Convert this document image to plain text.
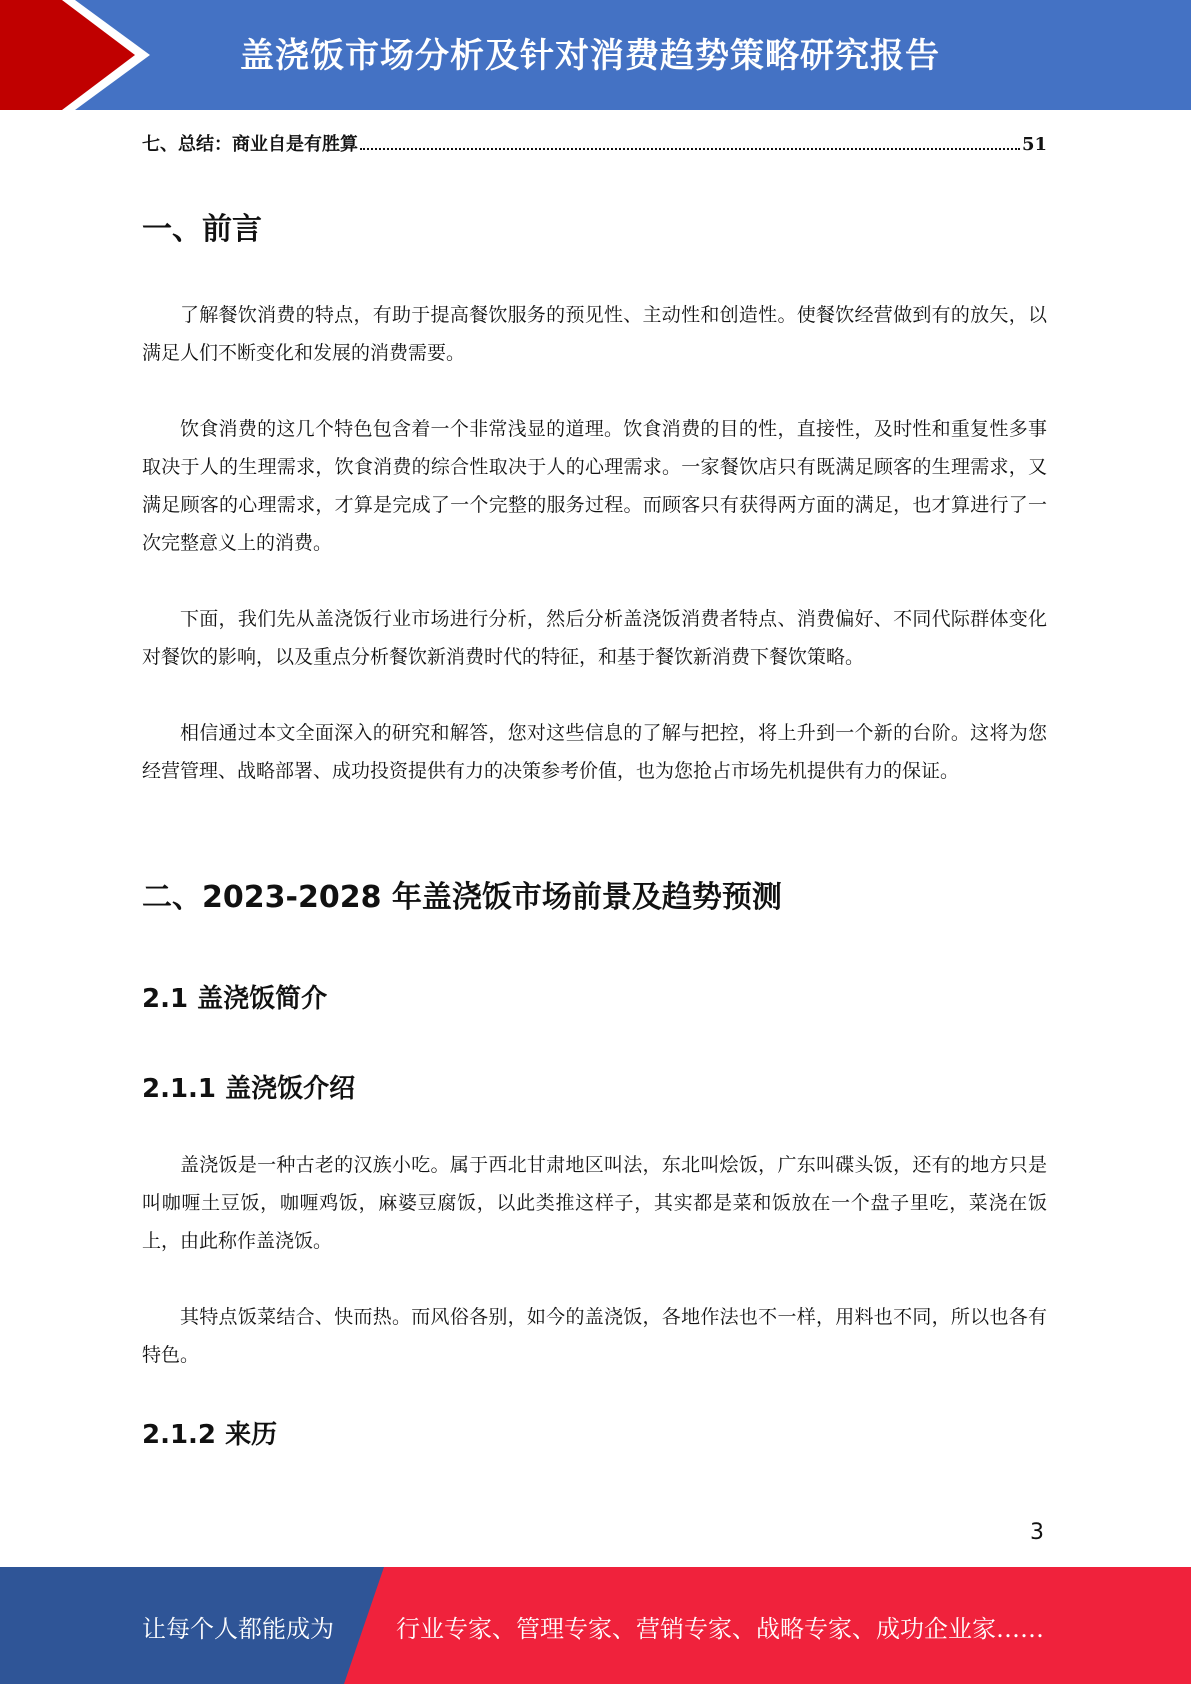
盖浇饭市场分析及针对消费趋势策略研究报告
七、总结：商业自是有胜算	51
一、前言

了解餐饮消费的特点，有助于提高餐饮服务的预见性、主动性和创造性。使餐饮经营做到有的放矢，以满足人们不断变化和发展的消费需要。

饮食消费的这几个特色包含着一个非常浅显的道理。饮食消费的目的性，直接性，及时性和重复性多事取决于人的生理需求，饮食消费的综合性取决于人的心理需求。一家餐饮店只有既满足顾客的生理需求，又满足顾客的心理需求，才算是完成了一个完整的服务过程。而顾客只有获得两方面的满足，也才算进行了一次完整意义上的消费。

下面，我们先从盖浇饭行业市场进行分析，然后分析盖浇饭消费者特点、消费偏好、不同代际群体变化对餐饮的影响，以及重点分析餐饮新消费时代的特征，和基于餐饮新消费下餐饮策略。

相信通过本文全面深入的研究和解答，您对这些信息的了解与把控，将上升到一个新的台阶。这将为您经营管理、战略部署、成功投资提供有力的决策参考价值，也为您抢占市场先机提供有力的保证。

二、2023-2028 年盖浇饭市场前景及趋势预测
2.1 盖浇饭简介
2.1.1 盖浇饭介绍

盖浇饭是一种古老的汉族小吃。属于西北甘肃地区叫法，东北叫烩饭，广东叫碟头饭，还有的地方只是叫咖喱土豆饭，咖喱鸡饭，麻婆豆腐饭，以此类推这样子，其实都是菜和饭放在一个盘子里吃，菜浇在饭上，由此称作盖浇饭。

其特点饭菜结合、快而热。而风俗各别，如今的盖浇饭，各地作法也不一样，用料也不同，所以也各有特色。

2.1.2 来历
3
让每个人都能成为	行业专家、管理专家、营销专家、战略专家、成功企业家……
